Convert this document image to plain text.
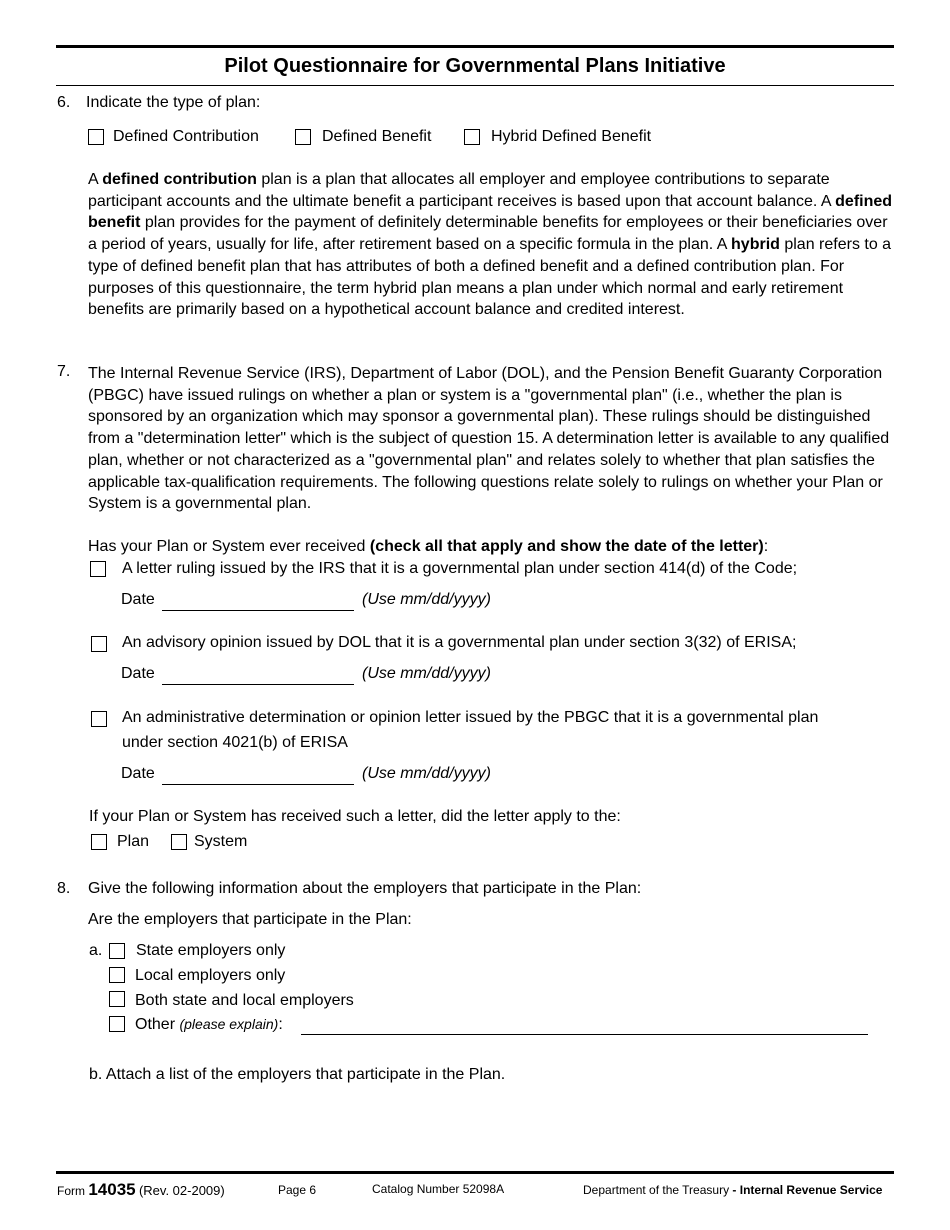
Pilot Questionnaire for Governmental Plans Initiative
6. Indicate the type of plan:
Defined Contribution	Defined Benefit	Hybrid Defined Benefit
A defined contribution plan is a plan that allocates all employer and employee contributions to separate participant accounts and the ultimate benefit a participant receives is based upon that account balance. A defined benefit plan provides for the payment of definitely determinable benefits for employees or their beneficiaries over a period of years, usually for life, after retirement based on a specific formula in the plan. A hybrid plan refers to a type of defined benefit plan that has attributes of both a defined benefit and a defined contribution plan. For purposes of this questionnaire, the term hybrid plan means a plan under which normal and early retirement benefits are primarily based on a hypothetical account balance and credited interest.
7. The Internal Revenue Service (IRS), Department of Labor (DOL), and the Pension Benefit Guaranty Corporation (PBGC) have issued rulings on whether a plan or system is a "governmental plan" (i.e., whether the plan is sponsored by an organization which may sponsor a governmental plan). These rulings should be distinguished from a "determination letter" which is the subject of question 15. A determination letter is available to any qualified plan, whether or not characterized as a "governmental plan" and relates solely to whether that plan satisfies the applicable tax-qualification requirements. The following questions relate solely to rulings on whether your Plan or System is a governmental plan.
Has your Plan or System ever received (check all that apply and show the date of the letter):
A letter ruling issued by the IRS that it is a governmental plan under section 414(d) of the Code;
Date	(Use mm/dd/yyyy)
An advisory opinion issued by DOL that it is a governmental plan under section 3(32) of ERISA;
Date	(Use mm/dd/yyyy)
An administrative determination or opinion letter issued by the PBGC that it is a governmental plan
under section 4021(b) of ERISA
Date	(Use mm/dd/yyyy)
If your Plan or System has received such a letter, did the letter apply to the:
Plan	System
8. Give the following information about the employers that participate in the Plan:
Are the employers that participate in the Plan:
a. State employers only
Local employers only
Both state and local employers
Other (please explain):
b. Attach a list of the employers that participate in the Plan.
Form 14035 (Rev. 02-2009)	Page 6	Catalog Number 52098A	Department of the Treasury - Internal Revenue Service
